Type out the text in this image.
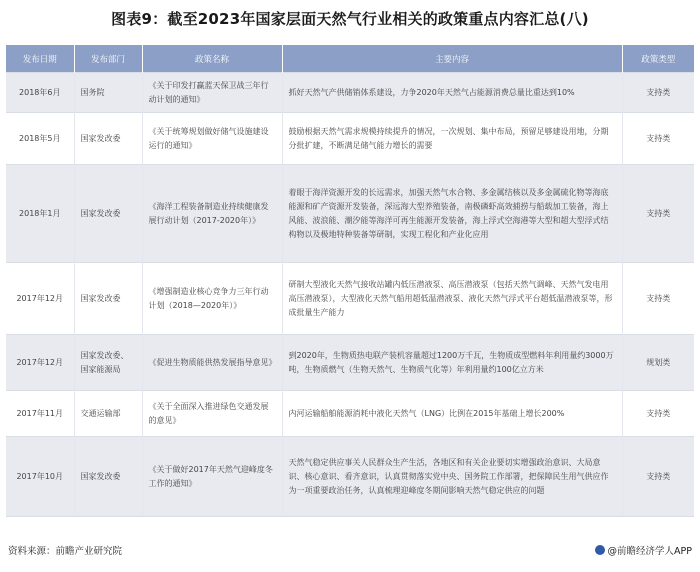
图表9：截至2023年国家层面天然气行业相关的政策重点内容汇总(八)
发布日期	发布部门	政策名称	主要内容	政策类型
2018年6月	国务院	《关于印发打赢蓝天保卫战三年行动计划的通知》	抓好天然气产供储销体系建设，力争2020年天然气占能源消费总量比重达到10%	支持类
2018年5月	国家发改委	《关于统筹规划做好储气设施建设运行的通知》	鼓励根据天然气需求规模持续提升的情况，一次规划、集中布局，预留足够建设用地，分期分批扩建，不断满足储气能力增长的需要	支持类
2018年1月	国家发改委	《海洋工程装备制造业持续健康发展行动计划（2017-2020年）》	着眼于海洋资源开发的长远需求，加强天然气水合物、多金属结核以及多金属硫化物等海底能源和矿产资源开发装备，深远海大型养殖装备，南极磷虾高效捕捞与船载加工装备，海上风能、波浪能、潮汐能等海洋可再生能源开发装备，海上浮式空海港等大型和超大型浮式结构物以及极地特种装备等研制，实现工程化和产业化应用	支持类
2017年12月	国家发改委	《增强制造业核心竞争力三年行动计划（2018—2020年）》	研制大型液化天然气接收站罐内低压潜液泵、高压潜液泵（包括天然气调峰、天然气发电用高压潜液泵），大型液化天然气船用超低温潜液泵、液化天然气浮式平台超低温潜液泵等，形成批量生产能力	支持类
2017年12月	国家发改委、国家能源局	《促进生物质能供热发展指导意见》	到2020年，生物质热电联产装机容量超过1200万千瓦，生物质成型燃料年利用量约3000万吨，生物质燃气（生物天然气、生物质气化等）年利用量约100亿立方米	规划类
2017年11月	交通运输部	《关于全面深入推进绿色交通发展的意见》	内河运输船舶能源消耗中液化天然气（LNG）比例在2015年基础上增长200%	支持类
2017年10月	国家发改委	《关于做好2017年天然气迎峰度冬工作的通知》	天然气稳定供应事关人民群众生产生活，各地区和有关企业要切实增强政治意识、大局意识、核心意识、看齐意识，认真贯彻落实党中央、国务院工作部署，把保障民生用气供应作为一项重要政治任务，认真梳理迎峰度冬期间影响天然气稳定供应的问题	支持类
资料来源：前瞻产业研究院	@前瞻经济学人APP
